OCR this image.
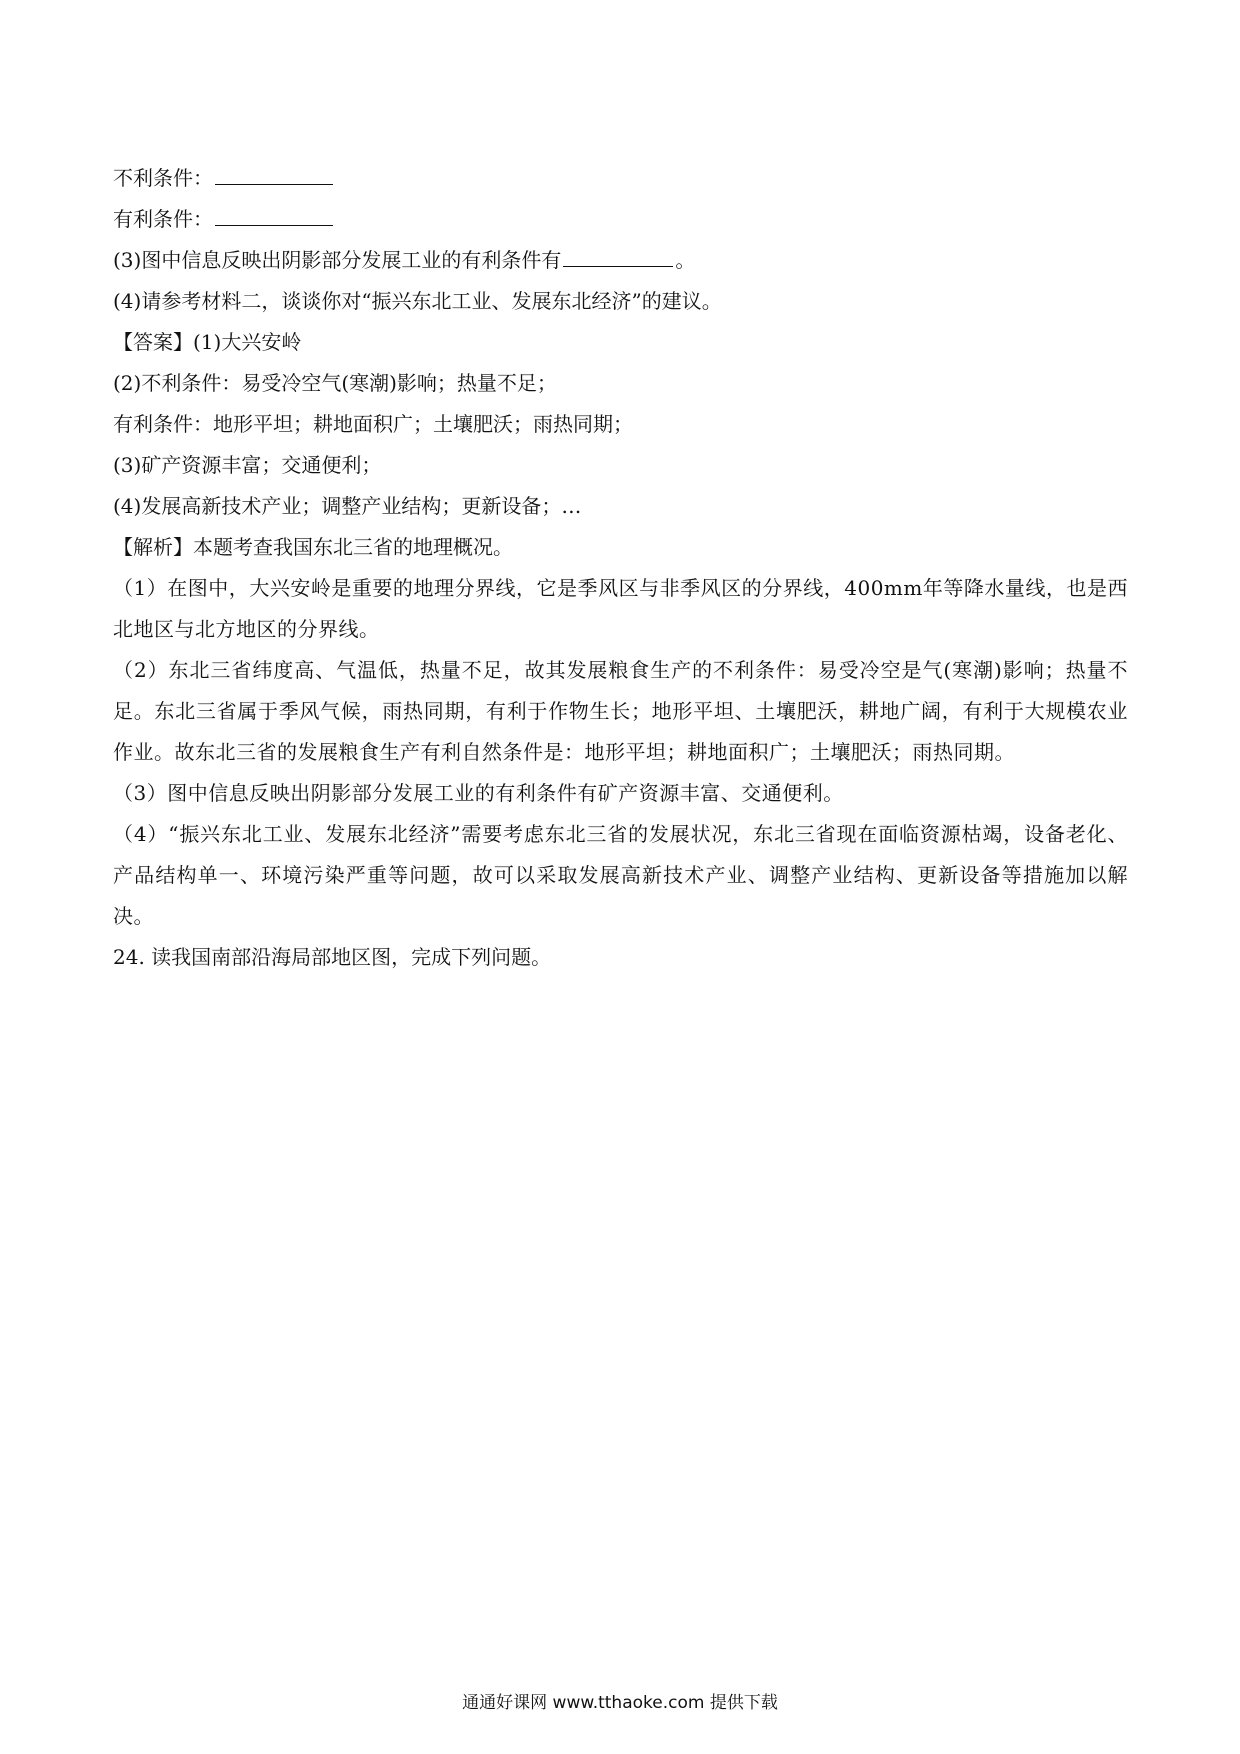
不利条件：
有利条件：
(3)图中信息反映出阴影部分发展工业的有利条件有	。
(4)请参考材料二，谈谈你对“振兴东北工业、发展东北经济”的建议。
【答案】(1)大兴安岭
(2)不利条件：易受冷空气(寒潮)影响；热量不足；
有利条件：地形平坦；耕地面积广；土壤肥沃；雨热同期；
(3)矿产资源丰富；交通便利；
(4)发展高新技术产业；调整产业结构；更新设备；…
【解析】本题考查我国东北三省的地理概况。
（1）在图中，大兴安岭是重要的地理分界线，它是季风区与非季风区的分界线，400mm年等降水量线，也是西北地区与北方地区的分界线。
（2）东北三省纬度高、气温低，热量不足，故其发展粮食生产的不利条件：易受冷空是气(寒潮)影响；热量不足。东北三省属于季风气候，雨热同期，有利于作物生长；地形平坦、土壤肥沃，耕地广阔，有利于大规模农业作业。故东北三省的发展粮食生产有利自然条件是：地形平坦；耕地面积广；土壤肥沃；雨热同期。
（3）图中信息反映出阴影部分发展工业的有利条件有矿产资源丰富、交通便利。
（4）“振兴东北工业、发展东北经济”需要考虑东北三省的发展状况，东北三省现在面临资源枯竭，设备老化、产品结构单一、环境污染严重等问题，故可以采取发展高新技术产业、调整产业结构、更新设备等措施加以解决。
24. 读我国南部沿海局部地区图，完成下列问题。
通通好课网 www.tthaoke.com 提供下载
